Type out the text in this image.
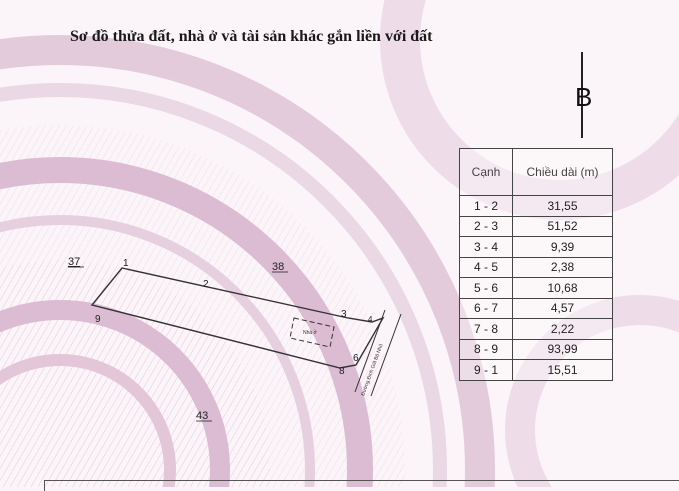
Sơ đồ thửa đất, nhà ở và tài sản khác gắn liền với đất
B
Đường Đinh Giã Bộ Nhỏ
Nhà ở
1
2
3	4
6
8
9
37	38
43
Cạnh	Chiều dài (m)
1 - 2	31,55
2 - 3	51,52
3 - 4	9,39
4 - 5	2,38
5 - 6	10,68
6 - 7	4,57
7 - 8	2,22
8 - 9	93,99
9 - 1	15,51
